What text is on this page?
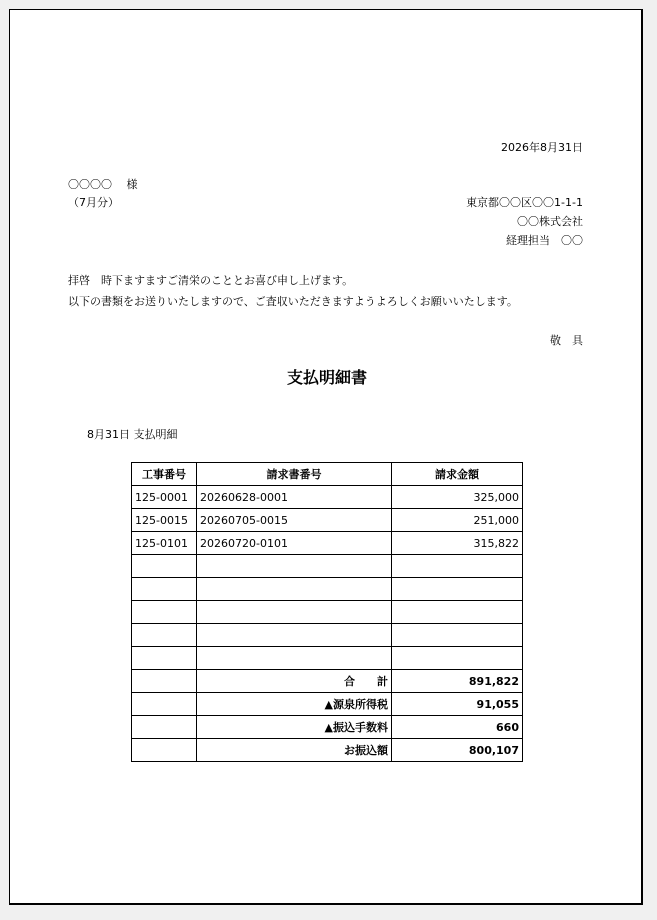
2026年8月31日
〇〇〇〇　 様
（7月分）	東京都〇〇区〇〇1-1-1
〇〇株式会社
経理担当　〇〇
拝啓　時下ますますご清栄のこととお喜び申し上げます。
以下の書類をお送りいたしますので、ご査収いただきますようよろしくお願いいたします。
敬　具
支払明細書
8月31日 支払明細
工事番号	請求書番号	請求金額
125-0001	20260628-0001	325,000
125-0015	20260705-0015	251,000
125-0101	20260720-0101	315,822

	合　　計	891,822
	▲源泉所得税	91,055
	▲振込手数料	660
	お振込額	800,107
